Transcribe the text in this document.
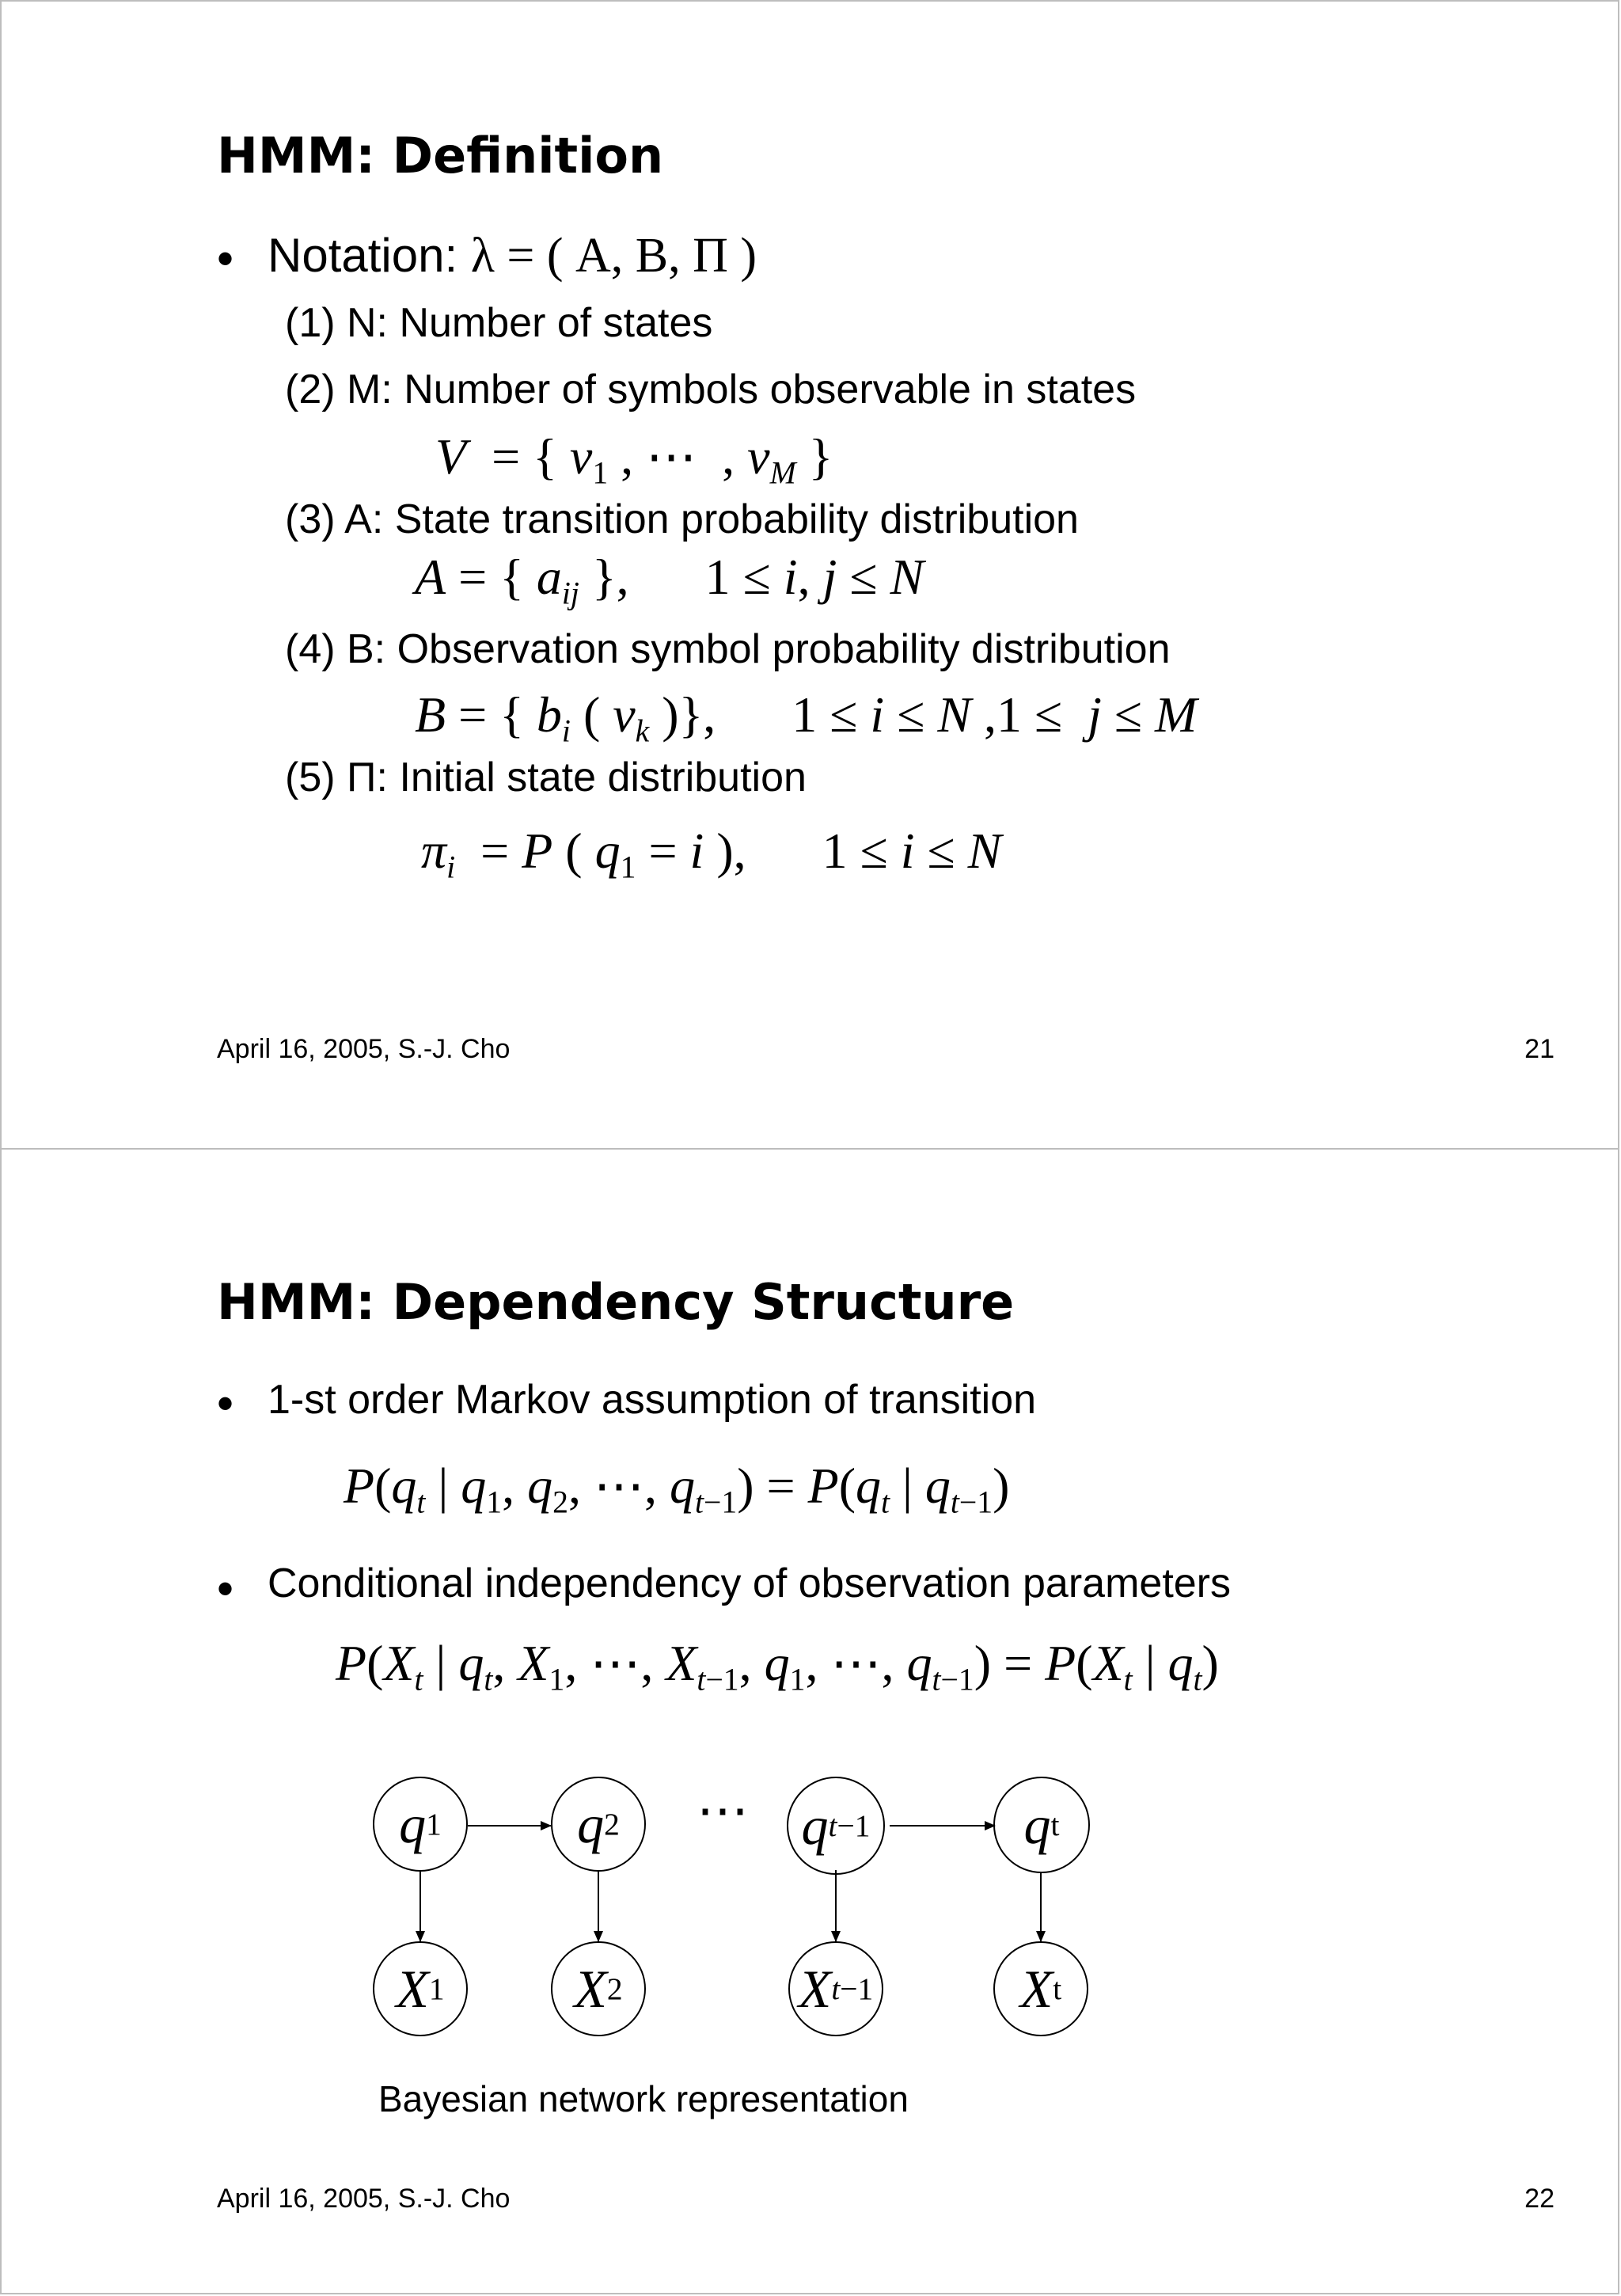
HMM: Definition
• Notation: λ = ( A, B, Π )
(1) N: Number of states
(2) M: Number of symbols observable in states
V  = { $v_1$ , ⋯  , $v_M$ }
(3) A: State transition probability distribution
A = { $a_{ij}$ },      1 ≤ i, j ≤ N
(4) B: Observation symbol probability distribution
B = { $b_i$ ( $v_k$ )},      1 ≤ i ≤ N ,1 ≤  j ≤ M
(5) Π: Initial state distribution
$\pi_i = P$ ( $q_1 = i$ ),      1 ≤ i ≤ N
April 16, 2005, S.-J. Cho	21
HMM: Dependency Structure
• 1-st order Markov assumption of transition
$P(q_t$ | $q_1$, $q_2$, ⋯, $q_{t-1}) = P(q_t$ | $q_{t-1}$)
• Conditional independency of observation parameters
$P(X_t$ | $q_t$, $X_1$, ⋯, $X_{t-1}$, $q_1$, ⋯, $q_{t-1}) = P(X_t$ | $q_t$)
q 1	q 2 ⋯ q t−1	q t
X 1	X 2	X t−1	X t
Bayesian network representation
April 16, 2005, S.-J. Cho	22
